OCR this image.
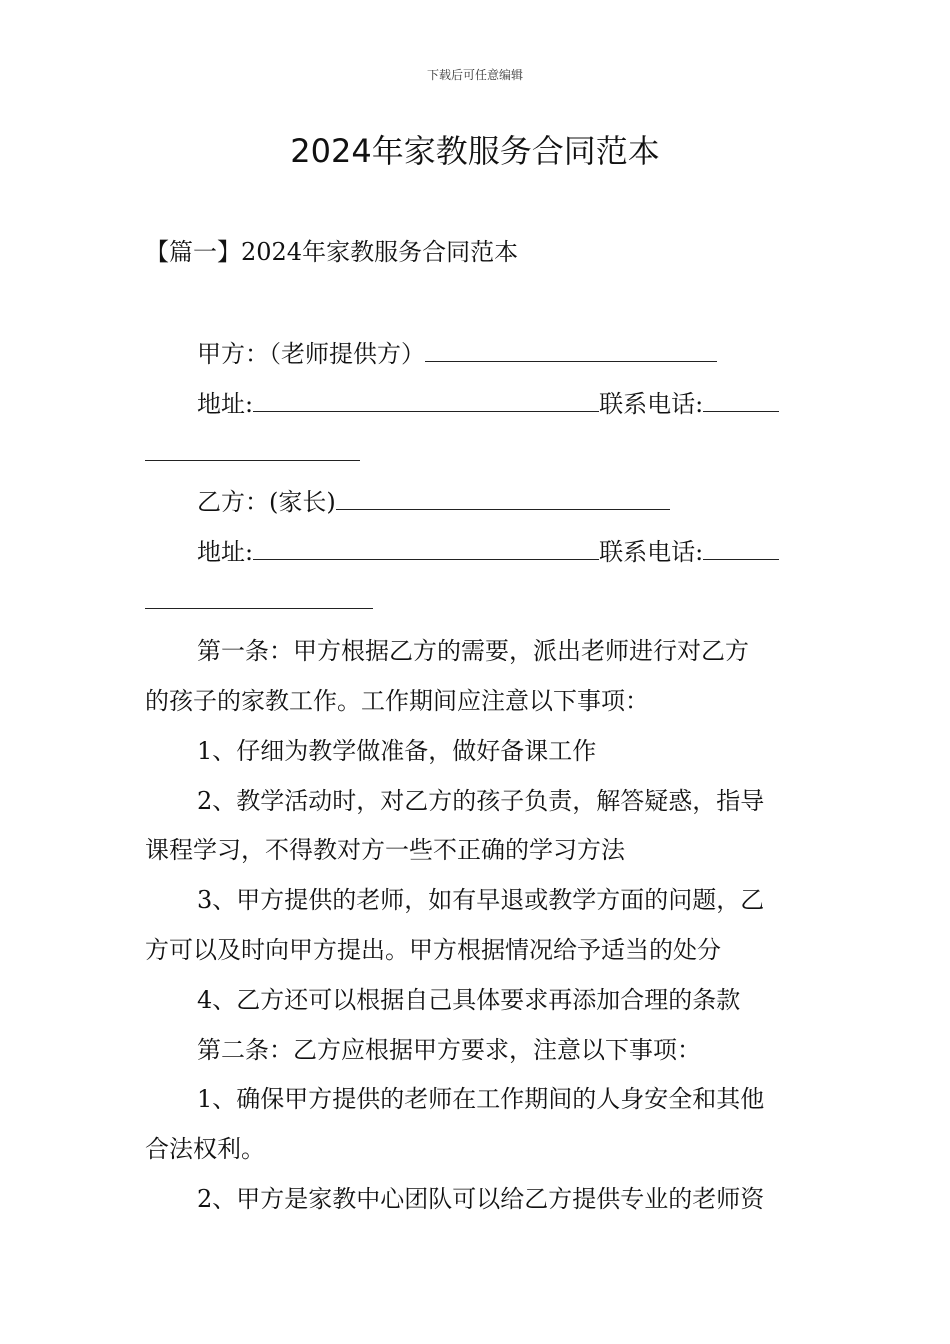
下载后可任意编辑
2024年家教服务合同范本
【篇一】2024年家教服务合同范本
甲方：（老师提供方）
地址:	联系电话:
乙方：(家长)
地址:	联系电话:
第一条：甲方根据乙方的需要，派出老师进行对乙方
的孩子的家教工作。工作期间应注意以下事项：
1、仔细为教学做准备，做好备课工作
2、教学活动时，对乙方的孩子负责，解答疑惑，指导
课程学习，不得教对方一些不正确的学习方法
3、甲方提供的老师，如有早退或教学方面的问题，乙
方可以及时向甲方提出。甲方根据情况给予适当的处分
4、乙方还可以根据自己具体要求再添加合理的条款
第二条：乙方应根据甲方要求，注意以下事项：
1、确保甲方提供的老师在工作期间的人身安全和其他
合法权利。
2、甲方是家教中心团队可以给乙方提供专业的老师资
